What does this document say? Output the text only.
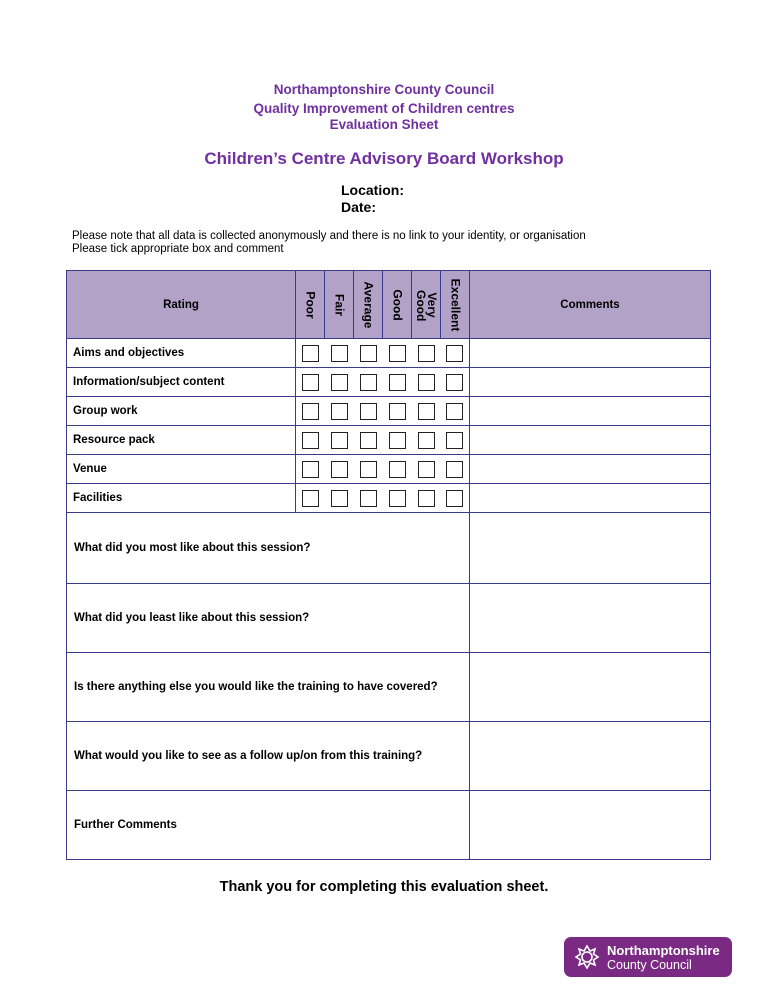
Northamptonshire County Council
Quality Improvement of Children centres
Evaluation Sheet
Children’s Centre Advisory Board Workshop
Location:
Date:
Please note that all data is collected anonymously and there is no link to your identity, or organisation
Please tick appropriate box and comment
Rating	Poor	Fair	Average	Good	Very Good	Excellent	Comments
Aims and objectives							
Information/subject content							
Group work							
Resource pack							
Venue							
Facilities							
What did you most like about this session?							
What did you least like about this session?							
Is there anything else you would like the training to have covered?							
What would you like to see as a follow up/on from this training?							
Further Comments							
Thank you for completing this evaluation sheet.
Northamptonshire
County Council
